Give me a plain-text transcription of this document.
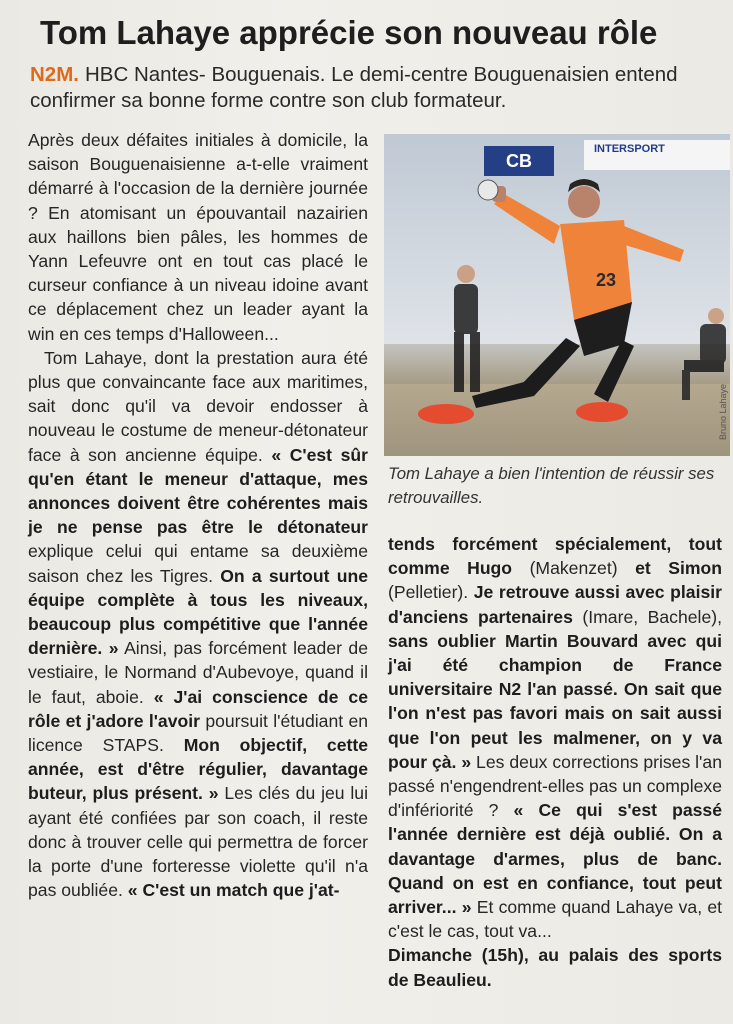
Tom Lahaye apprécie son nouveau rôle
N2M. HBC Nantes- Bouguenais. Le demi-centre Bouguenaisien entend confirmer sa bonne forme contre son club formateur.

Après deux défaites initiales à domicile, la saison Bouguenaisienne a-t-elle vraiment démarré à l'occasion de la dernière journée ? En atomisant un épouvantail nazairien aux haillons bien pâles, les hommes de Yann Lefeuvre ont en tout cas placé le curseur confiance à un niveau idoine avant ce déplacement chez un leader ayant la win en ces temps d'Halloween...

Tom Lahaye, dont la prestation aura été plus que convaincante face aux maritimes, sait donc qu'il va devoir endosser à nouveau le costume de meneur-détonateur face à son ancienne équipe. « C'est sûr qu'en étant le meneur d'attaque, mes annonces doivent être cohérentes mais je ne pense pas être le détonateur explique celui qui entame sa deuxième saison chez les Tigres. On a surtout une équipe complète à tous les niveaux, beaucoup plus compétitive que l'année dernière. » Ainsi, pas forcément leader de vestiaire, le Normand d'Aubevoye, quand il le faut, aboie. « J'ai conscience de ce rôle et j'adore l'avoir poursuit l'étudiant en licence STAPS. Mon objectif, cette année, est d'être régulier, davantage buteur, plus présent. » Les clés du jeu lui ayant été confiées par son coach, il reste donc à trouver celle qui permettra de forcer la porte d'une forteresse violette qu'il n'a pas oubliée. « C'est un match que j'at-

CB
INTERSPORT
23
Bruno Lahaye
Tom Lahaye a bien l'intention de réussir ses retrouvailles.

tends forcément spécialement, tout comme Hugo (Makenzet) et Simon (Pelletier). Je retrouve aussi avec plaisir d'anciens partenaires (Imare, Bachele), sans oublier Martin Bouvard avec qui j'ai été champion de France universitaire N2 l'an passé. On sait que l'on n'est pas favori mais on sait aussi que l'on peut les malmener, on y va pour çà. » Les deux corrections prises l'an passé n'engendrent-elles pas un complexe d'infériorité ? « Ce qui s'est passé l'année dernière est déjà oublié. On a davantage d'armes, plus de banc. Quand on est en confiance, tout peut arriver... » Et comme quand Lahaye va, et c'est le cas, tout va...

Dimanche (15h), au palais des sports de Beaulieu.
